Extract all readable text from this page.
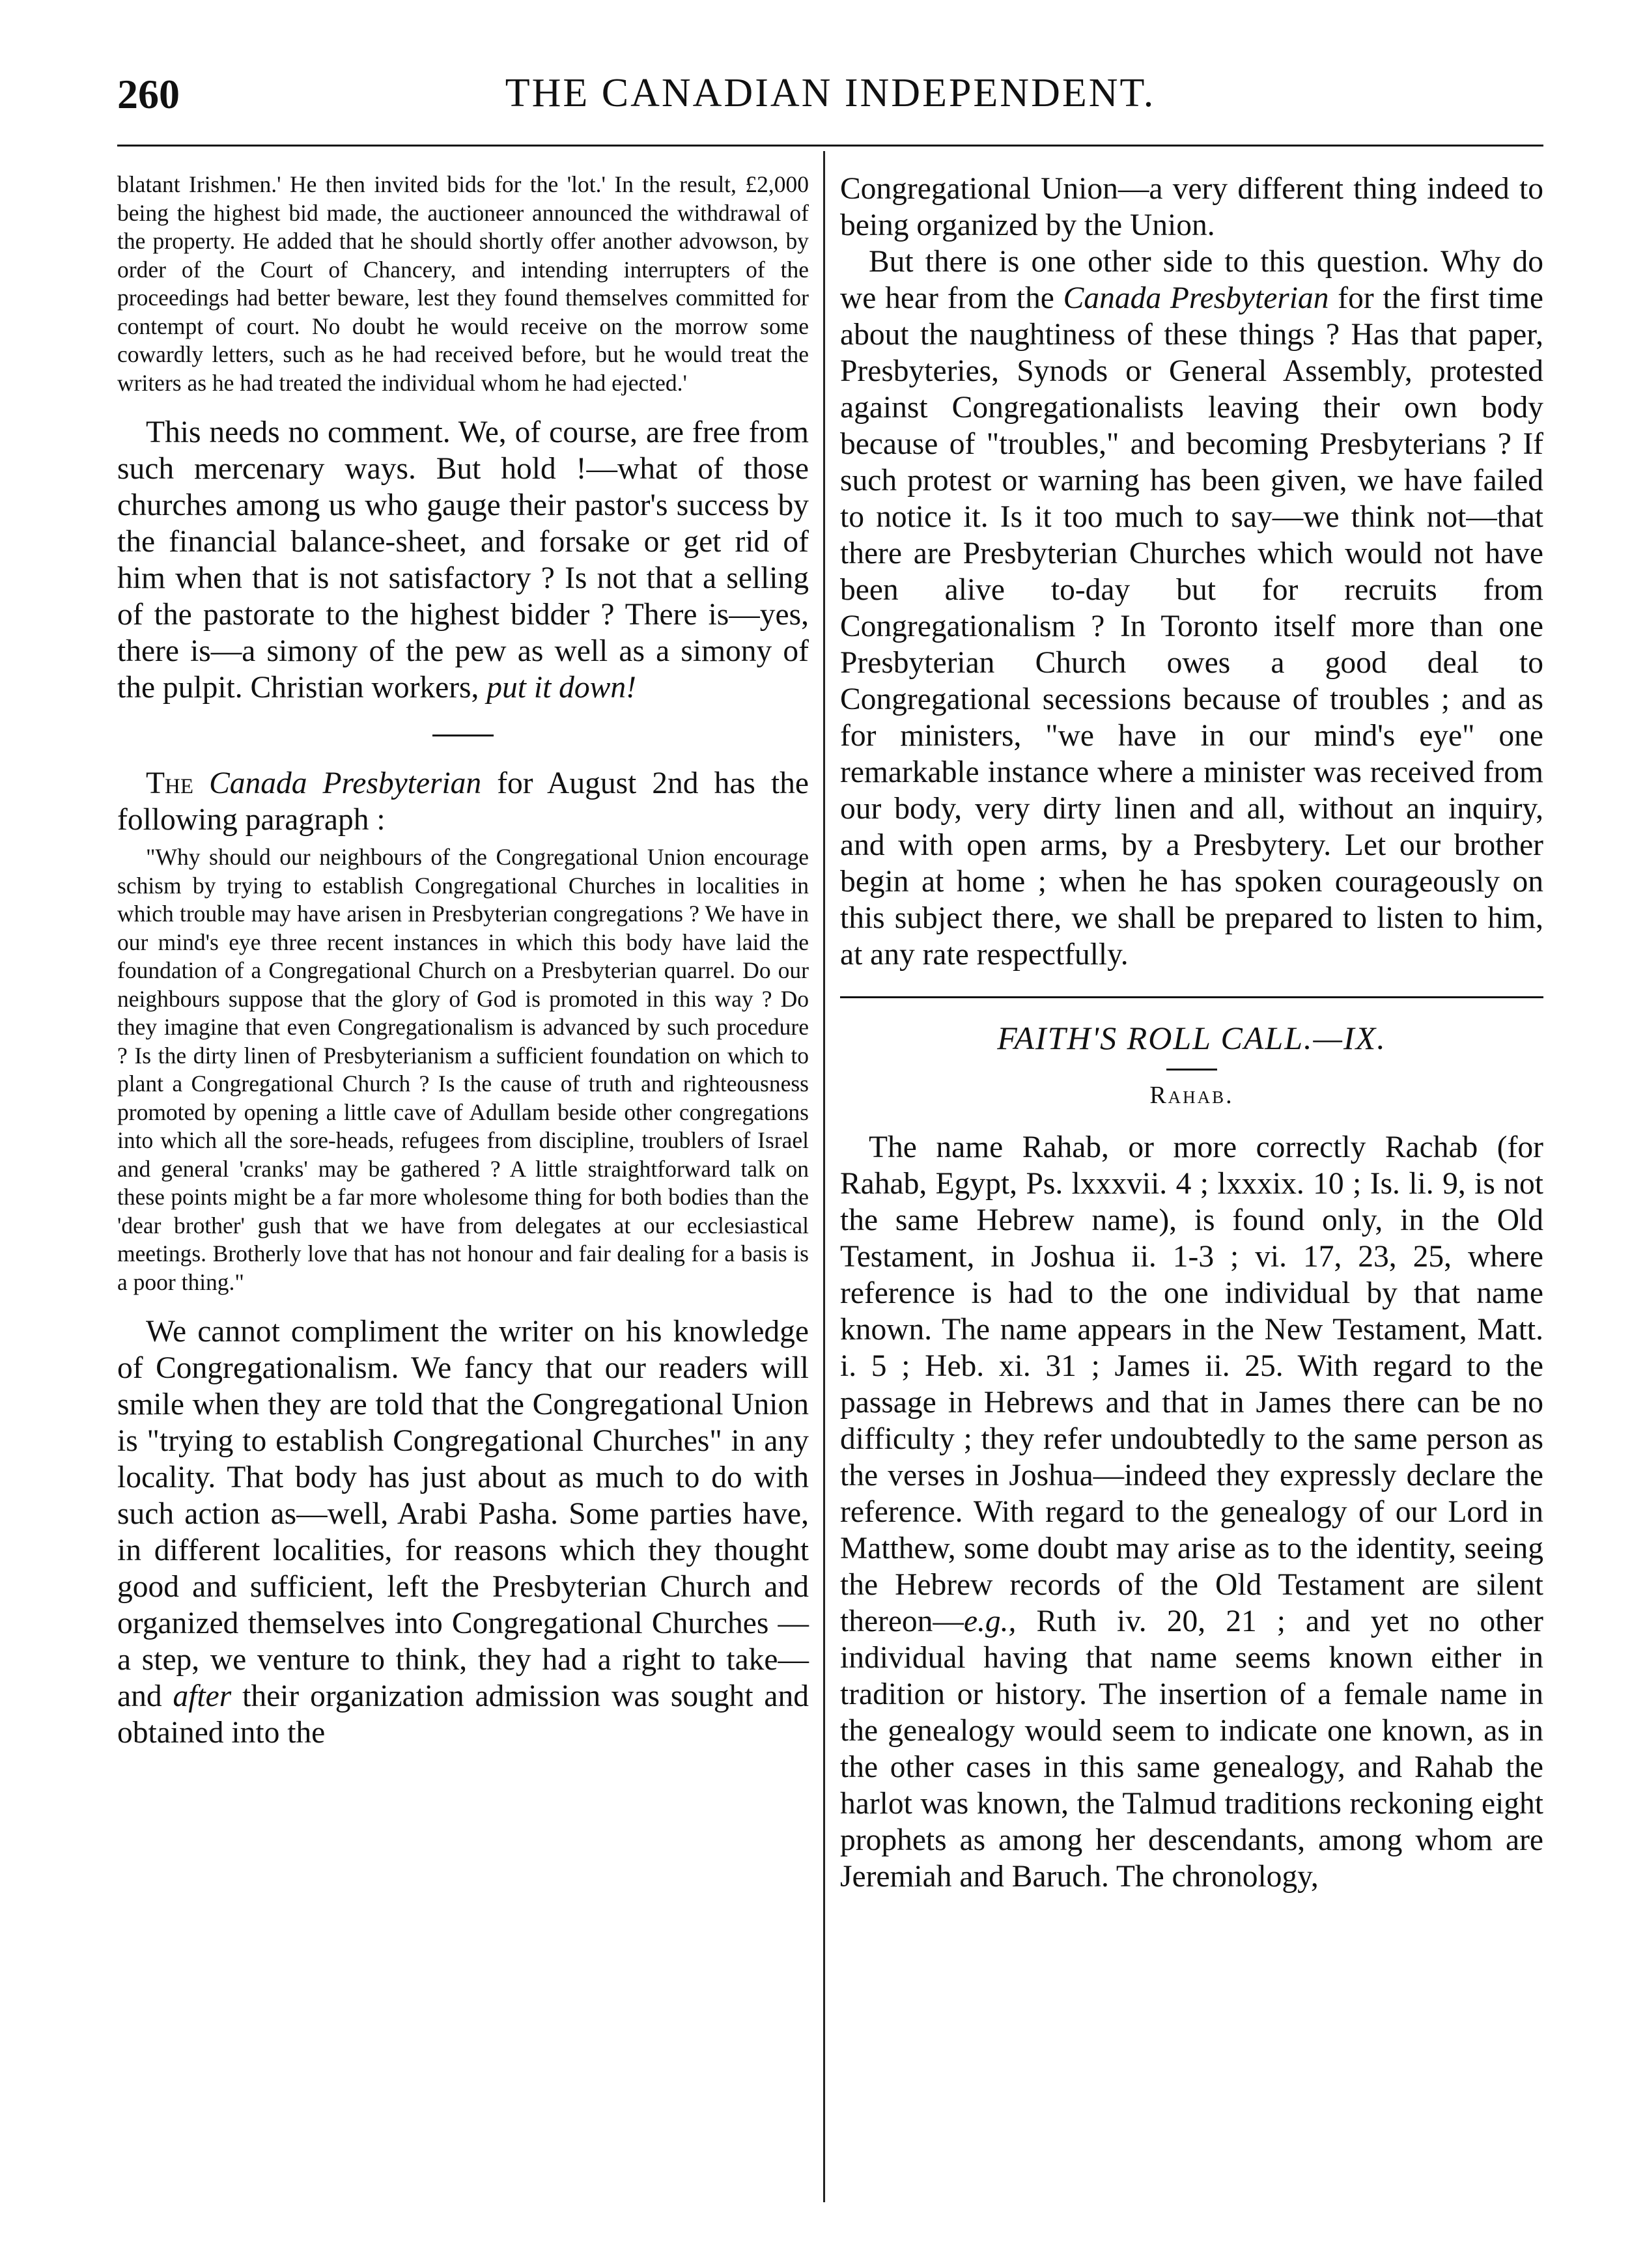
260	THE CANADIAN INDEPENDENT.

blatant Irishmen.' He then invited bids for the 'lot.' In the result, £2,000 being the highest bid made, the auctioneer announced the withdrawal of the property. He added that he should shortly offer another advowson, by order of the Court of Chancery, and intending interrupters of the proceedings had better beware, lest they found themselves committed for contempt of court. No doubt he would receive on the morrow some cowardly letters, such as he had received before, but he would treat the writers as he had treated the individual whom he had ejected.'

This needs no comment. We, of course, are free from such mercenary ways. But hold !—what of those churches among us who gauge their pastor's success by the financial balance-sheet, and forsake or get rid of him when that is not satisfactory ? Is not that a selling of the pastorate to the highest bidder ? There is—yes, there is—a simony of the pew as well as a simony of the pulpit. Christian workers, put it down!

The Canada Presbyterian for August 2nd has the following paragraph :

"Why should our neighbours of the Congregational Union encourage schism by trying to establish Congregational Churches in localities in which trouble may have arisen in Presbyterian congregations ? We have in our mind's eye three recent instances in which this body have laid the foundation of a Congregational Church on a Presbyterian quarrel. Do our neighbours suppose that the glory of God is promoted in this way ? Do they imagine that even Congregationalism is advanced by such procedure ? Is the dirty linen of Presbyterianism a sufficient foundation on which to plant a Congregational Church ? Is the cause of truth and righteousness promoted by opening a little cave of Adullam beside other congregations into which all the sore-heads, refugees from discipline, troublers of Israel and general 'cranks' may be gathered ? A little straightforward talk on these points might be a far more wholesome thing for both bodies than the 'dear brother' gush that we have from delegates at our ecclesiastical meetings. Brotherly love that has not honour and fair dealing for a basis is a poor thing."

We cannot compliment the writer on his knowledge of Congregationalism. We fancy that our readers will smile when they are told that the Congregational Union is "trying to establish Congregational Churches" in any locality. That body has just about as much to do with such action as—well, Arabi Pasha. Some parties have, in different localities, for reasons which they thought good and sufficient, left the Presbyterian Church and organized themselves into Congregational Churches —a step, we venture to think, they had a right to take—and after their organization admission was sought and obtained into the

Congregational Union—a very different thing indeed to being organized by the Union.

But there is one other side to this question. Why do we hear from the Canada Presbyterian for the first time about the naughtiness of these things ? Has that paper, Presbyteries, Synods or General Assembly, protested against Congregationalists leaving their own body because of "troubles," and becoming Presbyterians ? If such protest or warning has been given, we have failed to notice it. Is it too much to say—we think not—that there are Presbyterian Churches which would not have been alive to-day but for recruits from Congregationalism ? In Toronto itself more than one Presbyterian Church owes a good deal to Congregational secessions because of troubles ; and as for ministers, "we have in our mind's eye" one remarkable instance where a minister was received from our body, very dirty linen and all, without an inquiry, and with open arms, by a Presbytery. Let our brother begin at home ; when he has spoken courageously on this subject there, we shall be prepared to listen to him, at any rate respectfully.

FAITH'S ROLL CALL.—IX.
Rahab.

The name Rahab, or more correctly Rachab (for Rahab, Egypt, Ps. lxxxvii. 4 ; lxxxix. 10 ; Is. li. 9, is not the same Hebrew name), is found only, in the Old Testament, in Joshua ii. 1-3 ; vi. 17, 23, 25, where reference is had to the one individual by that name known. The name appears in the New Testament, Matt. i. 5 ; Heb. xi. 31 ; James ii. 25. With regard to the passage in Hebrews and that in James there can be no difficulty ; they refer undoubtedly to the same person as the verses in Joshua—indeed they expressly declare the reference. With regard to the genealogy of our Lord in Matthew, some doubt may arise as to the identity, seeing the Hebrew records of the Old Testament are silent thereon—e.g., Ruth iv. 20, 21 ; and yet no other individual having that name seems known either in tradition or history. The insertion of a female name in the genealogy would seem to indicate one known, as in the other cases in this same genealogy, and Rahab the harlot was known, the Talmud traditions reckoning eight prophets as among her descendants, among whom are Jeremiah and Baruch. The chronology,
